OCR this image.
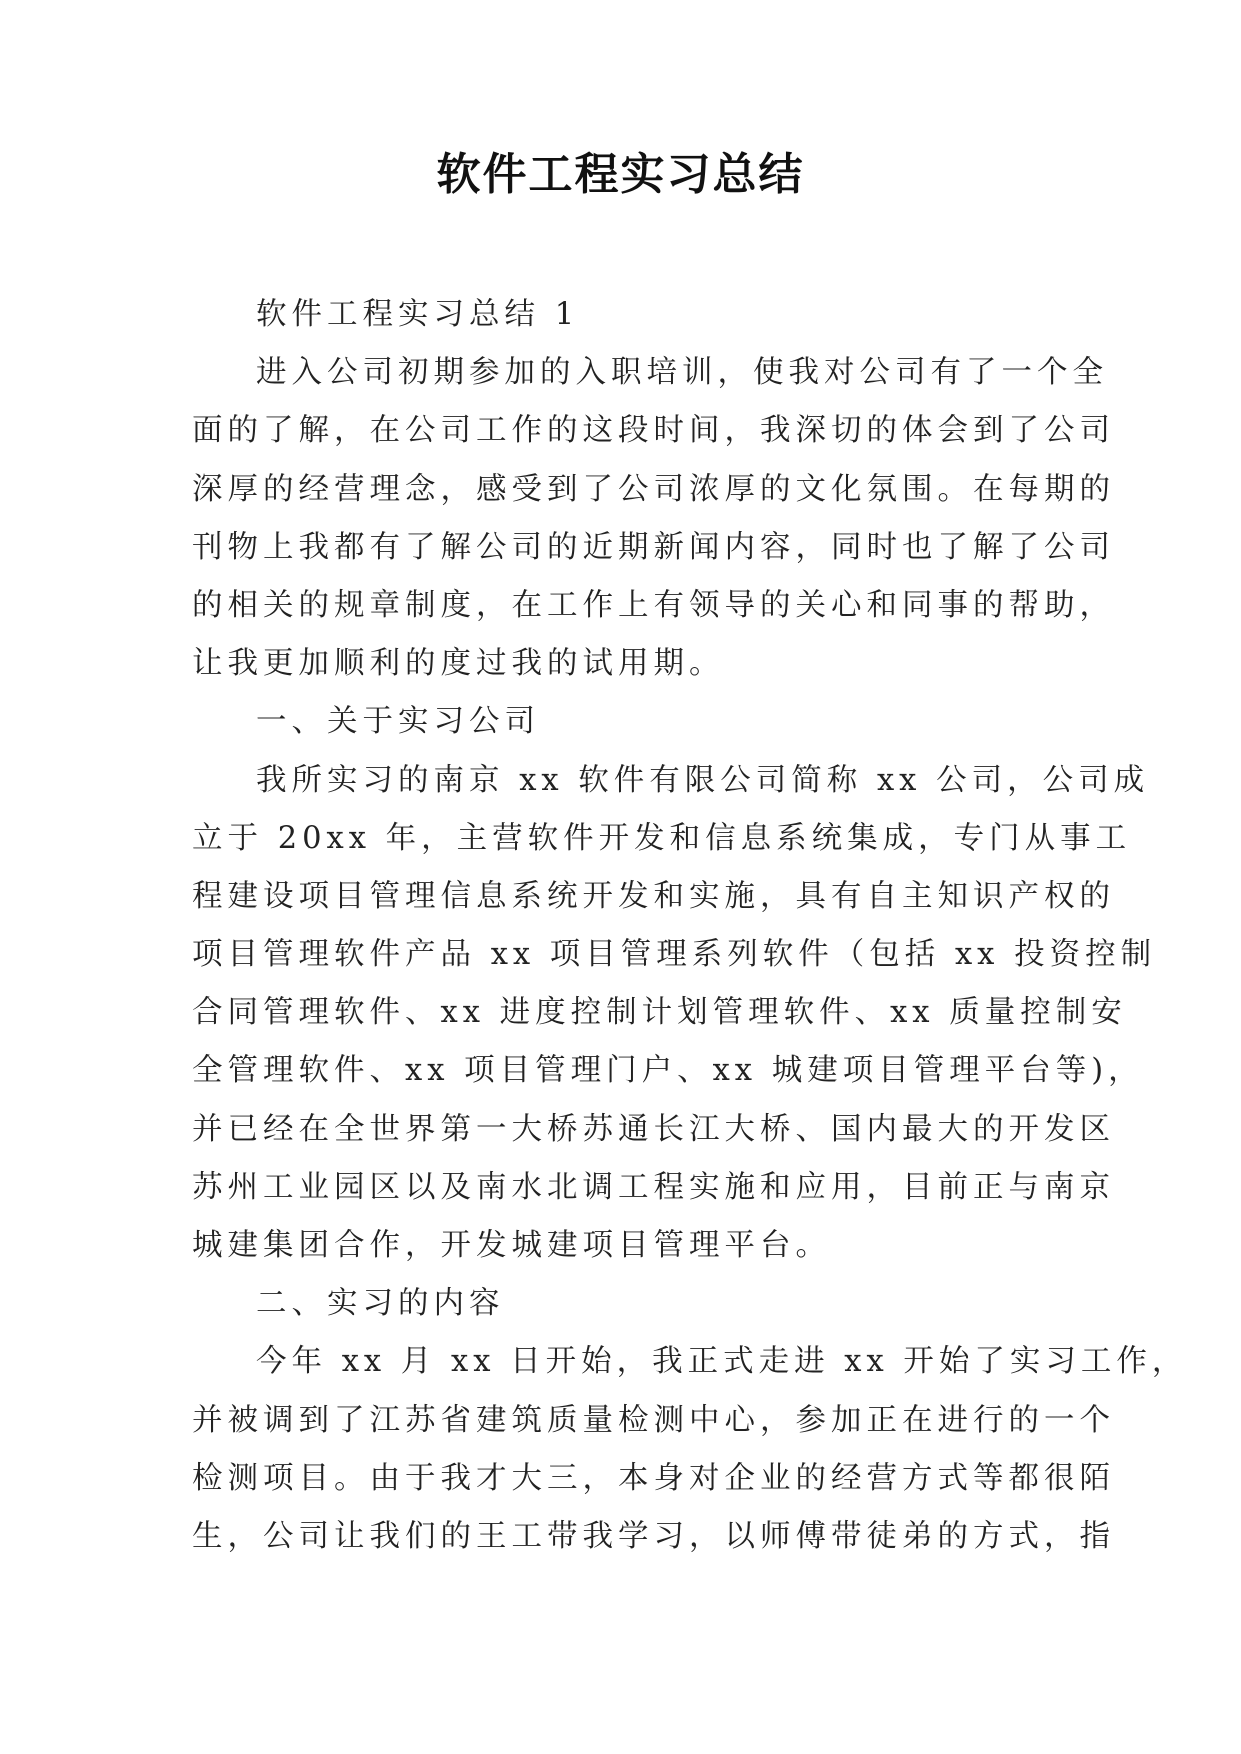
软件工程实习总结

软件工程实习总结 1

进入公司初期参加的入职培训，使我对公司有了一个全

面的了解，在公司工作的这段时间，我深切的体会到了公司

深厚的经营理念，感受到了公司浓厚的文化氛围。在每期的

刊物上我都有了解公司的近期新闻内容，同时也了解了公司

的相关的规章制度，在工作上有领导的关心和同事的帮助，

让我更加顺利的度过我的试用期。

一、关于实习公司

我所实习的南京 xx 软件有限公司简称 xx 公司，公司成

立于 20xx 年，主营软件开发和信息系统集成，专门从事工

程建设项目管理信息系统开发和实施，具有自主知识产权的

项目管理软件产品 xx 项目管理系列软件（包括 xx 投资控制

合同管理软件、xx 进度控制计划管理软件、xx 质量控制安

全管理软件、xx 项目管理门户、xx 城建项目管理平台等)，

并已经在全世界第一大桥苏通长江大桥、国内最大的开发区

苏州工业园区以及南水北调工程实施和应用，目前正与南京

城建集团合作，开发城建项目管理平台。

二、实习的内容

今年 xx 月 xx 日开始，我正式走进 xx 开始了实习工作，

并被调到了江苏省建筑质量检测中心，参加正在进行的一个

检测项目。由于我才大三，本身对企业的经营方式等都很陌

生，公司让我们的王工带我学习，以师傅带徒弟的方式，指
